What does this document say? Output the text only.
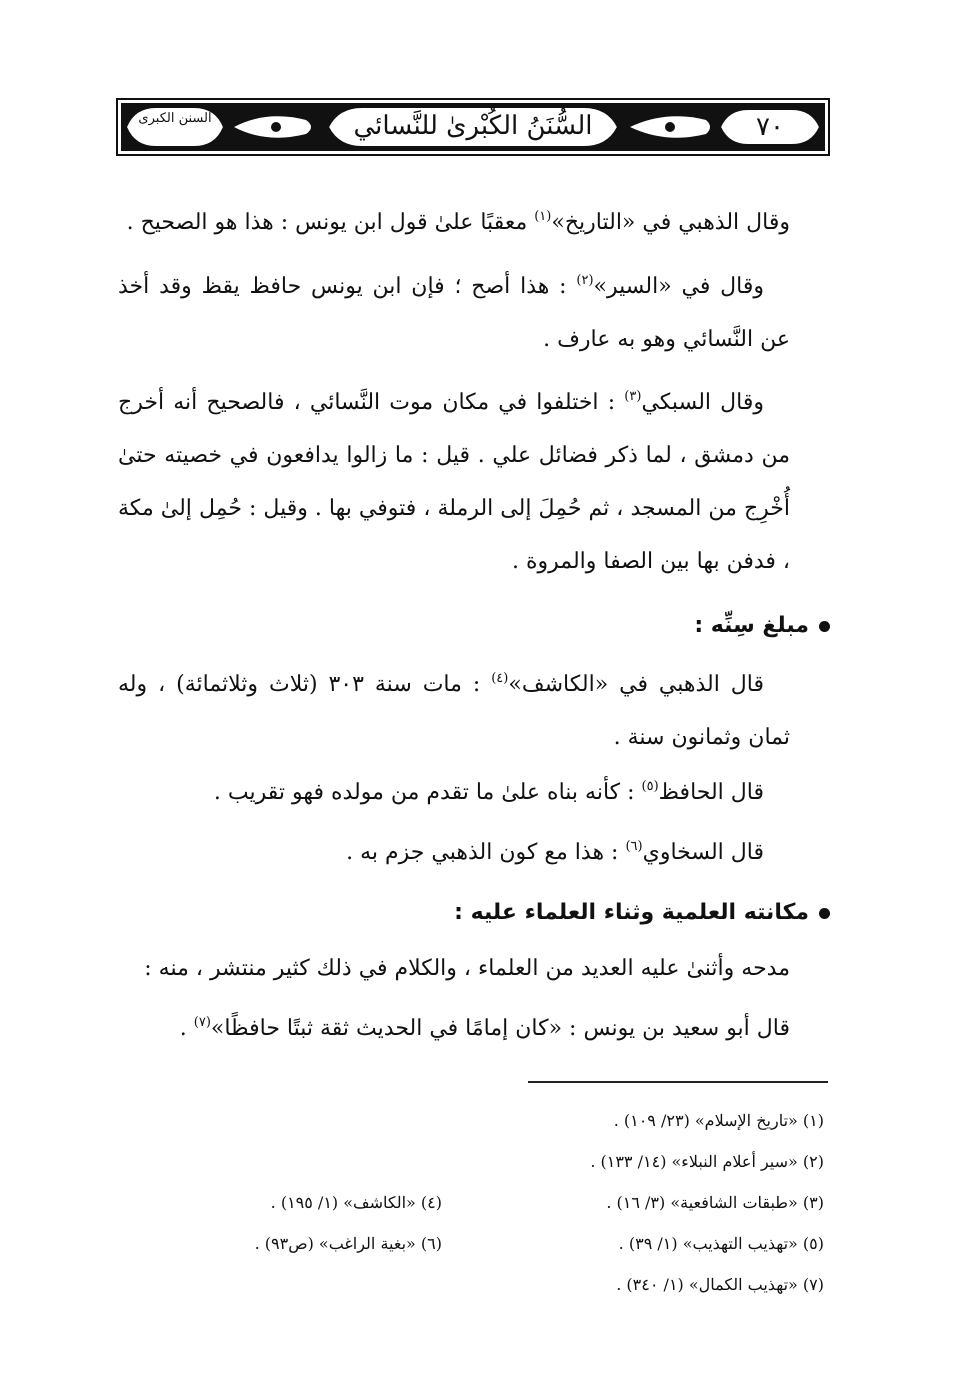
السُّنَنُ الكُبْرىٰ للنَّسائي	٧٠
السنن الكبرى
وقال الذهبي في «التاريخ»$^{(١)}$ معقبًا علىٰ قول ابن يونس : هذا هو الصحيح .
وقال في «السير»$^{(٢)}$ : هذا أصح ؛ فإن ابن يونس حافظ يقظ وقد أخذ عن النَّسائي وهو به عارف .
وقال السبكي$^{(٣)}$ : اختلفوا في مكان موت النَّسائي ، فالصحيح أنه أخرج من دمشق ، لما ذكر فضائل علي . قيل : ما زالوا يدافعون في خصيته حتىٰ أُخْرِج من المسجد ، ثم حُمِلَ إلى الرملة ، فتوفي بها . وقيل : حُمِل إلىٰ مكة ، فدفن بها بين الصفا والمروة .
مبلغ سِنِّه :
قال الذهبي في «الكاشف»$^{(٤)}$ : مات سنة ٣٠٣ (ثلاث وثلاثمائة) ، وله ثمان وثمانون سنة .
قال الحافظ$^{(٥)}$ : كأنه بناه علىٰ ما تقدم من مولده فهو تقريب .
قال السخاوي$^{(٦)}$ : هذا مع كون الذهبي جزم به .
مكانته العلمية وثناء العلماء عليه :
مدحه وأثنىٰ عليه العديد من العلماء ، والكلام في ذلك كثير منتشر ، منه :
قال أبو سعيد بن يونس : «كان إمامًا في الحديث ثقة ثبتًا حافظًا»$^{(٧)}$ .
(١) «تاريخ الإسلام» (٢٣/ ١٠٩) .
(٢) «سير أعلام النبلاء» (١٤/ ١٣٣) .
(٣) «طبقات الشافعية» (٣/ ١٦) .
(٤) «الكاشف» (١/ ١٩٥) .
(٥) «تهذيب التهذيب» (١/ ٣٩) .
(٦) «بغية الراغب» (ص٩٣) .
(٧) «تهذيب الكمال» (١/ ٣٤٠) .
